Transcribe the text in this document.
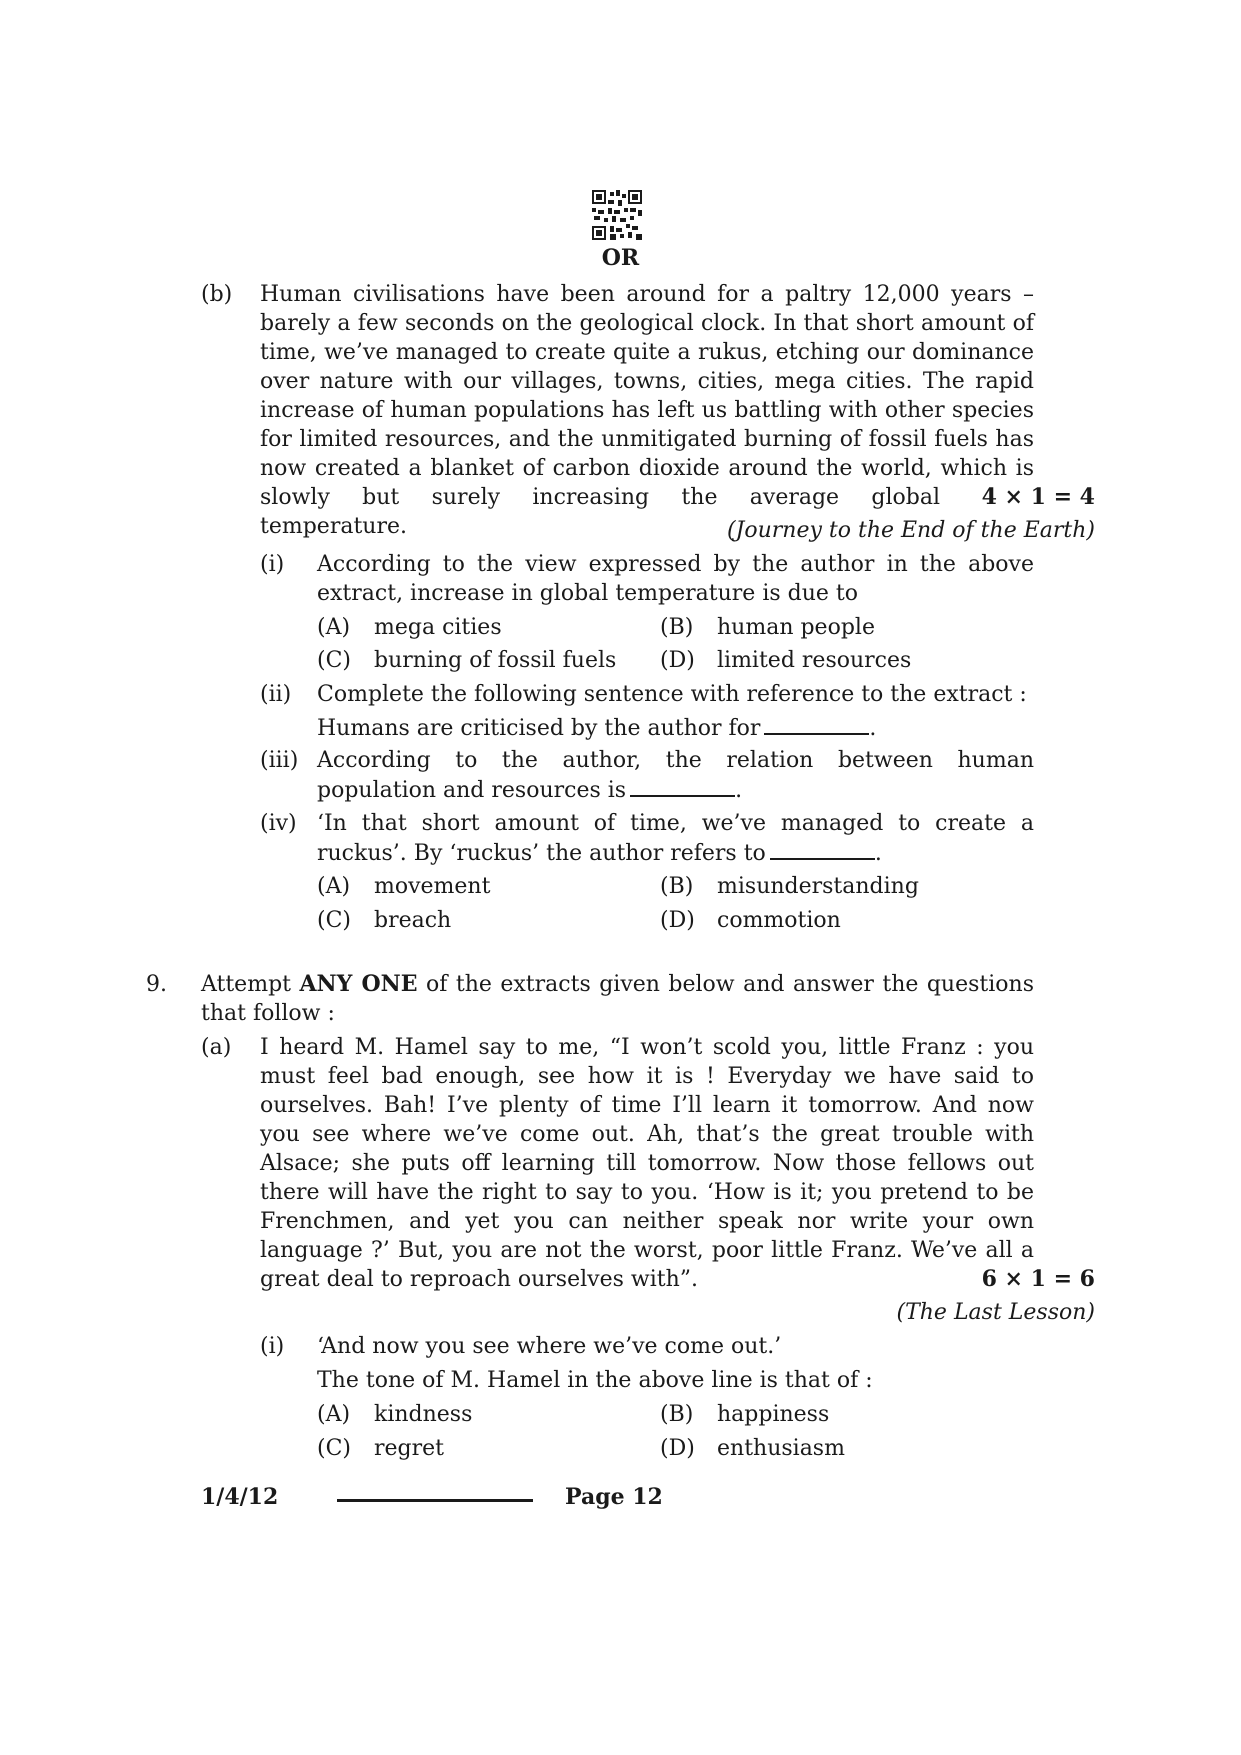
OR
(b) Human civilisations have been around for a paltry 12,000 years –
barely a few seconds on the geological clock. In that short amount of
time, we’ve managed to create quite a rukus, etching our dominance
over nature with our villages, towns, cities, mega cities. The rapid
increase of human populations has left us battling with other species
for limited resources, and the unmitigated burning of fossil fuels has
now created a blanket of carbon dioxide around the world, which is
slowly but surely increasing the average global temperature.
4 × 1 = 4
(Journey to the End of the Earth)
(i) According to the view expressed by the author in the above
extract, increase in global temperature is due to
(A) mega cities	(B) human people
(C) burning of fossil fuels (D) limited resources
(ii) Complete the following sentence with reference to the extract :
Humans are criticised by the author for	.
(iii) According to the author, the relation between human
population and resources is	.
(iv) ‘In that short amount of time, we’ve managed to create a
ruckus’. By ‘ruckus’ the author refers to	.
(A) movement	(B) misunderstanding
(C) breach	(D) commotion
9. Attempt ANY ONE of the extracts given below and answer the questions
that follow :
(a) I heard M. Hamel say to me, “I won’t scold you, little Franz : you
must feel bad enough, see how it is ! Everyday we have said to
ourselves. Bah! I’ve plenty of time I’ll learn it tomorrow. And now
you see where we’ve come out. Ah, that’s the great trouble with
Alsace; she puts off learning till tomorrow. Now those fellows out
there will have the right to say to you. ‘How is it; you pretend to be
Frenchmen, and yet you can neither speak nor write your own
language ?’ But, you are not the worst, poor little Franz. We’ve all a
great deal to reproach ourselves with”.	6 × 1 = 6
(The Last Lesson)
(i) ‘And now you see where we’ve come out.’
The tone of M. Hamel in the above line is that of :
(A) kindness	(B) happiness
(C) regret	(D) enthusiasm
1/4/12	Page 12
